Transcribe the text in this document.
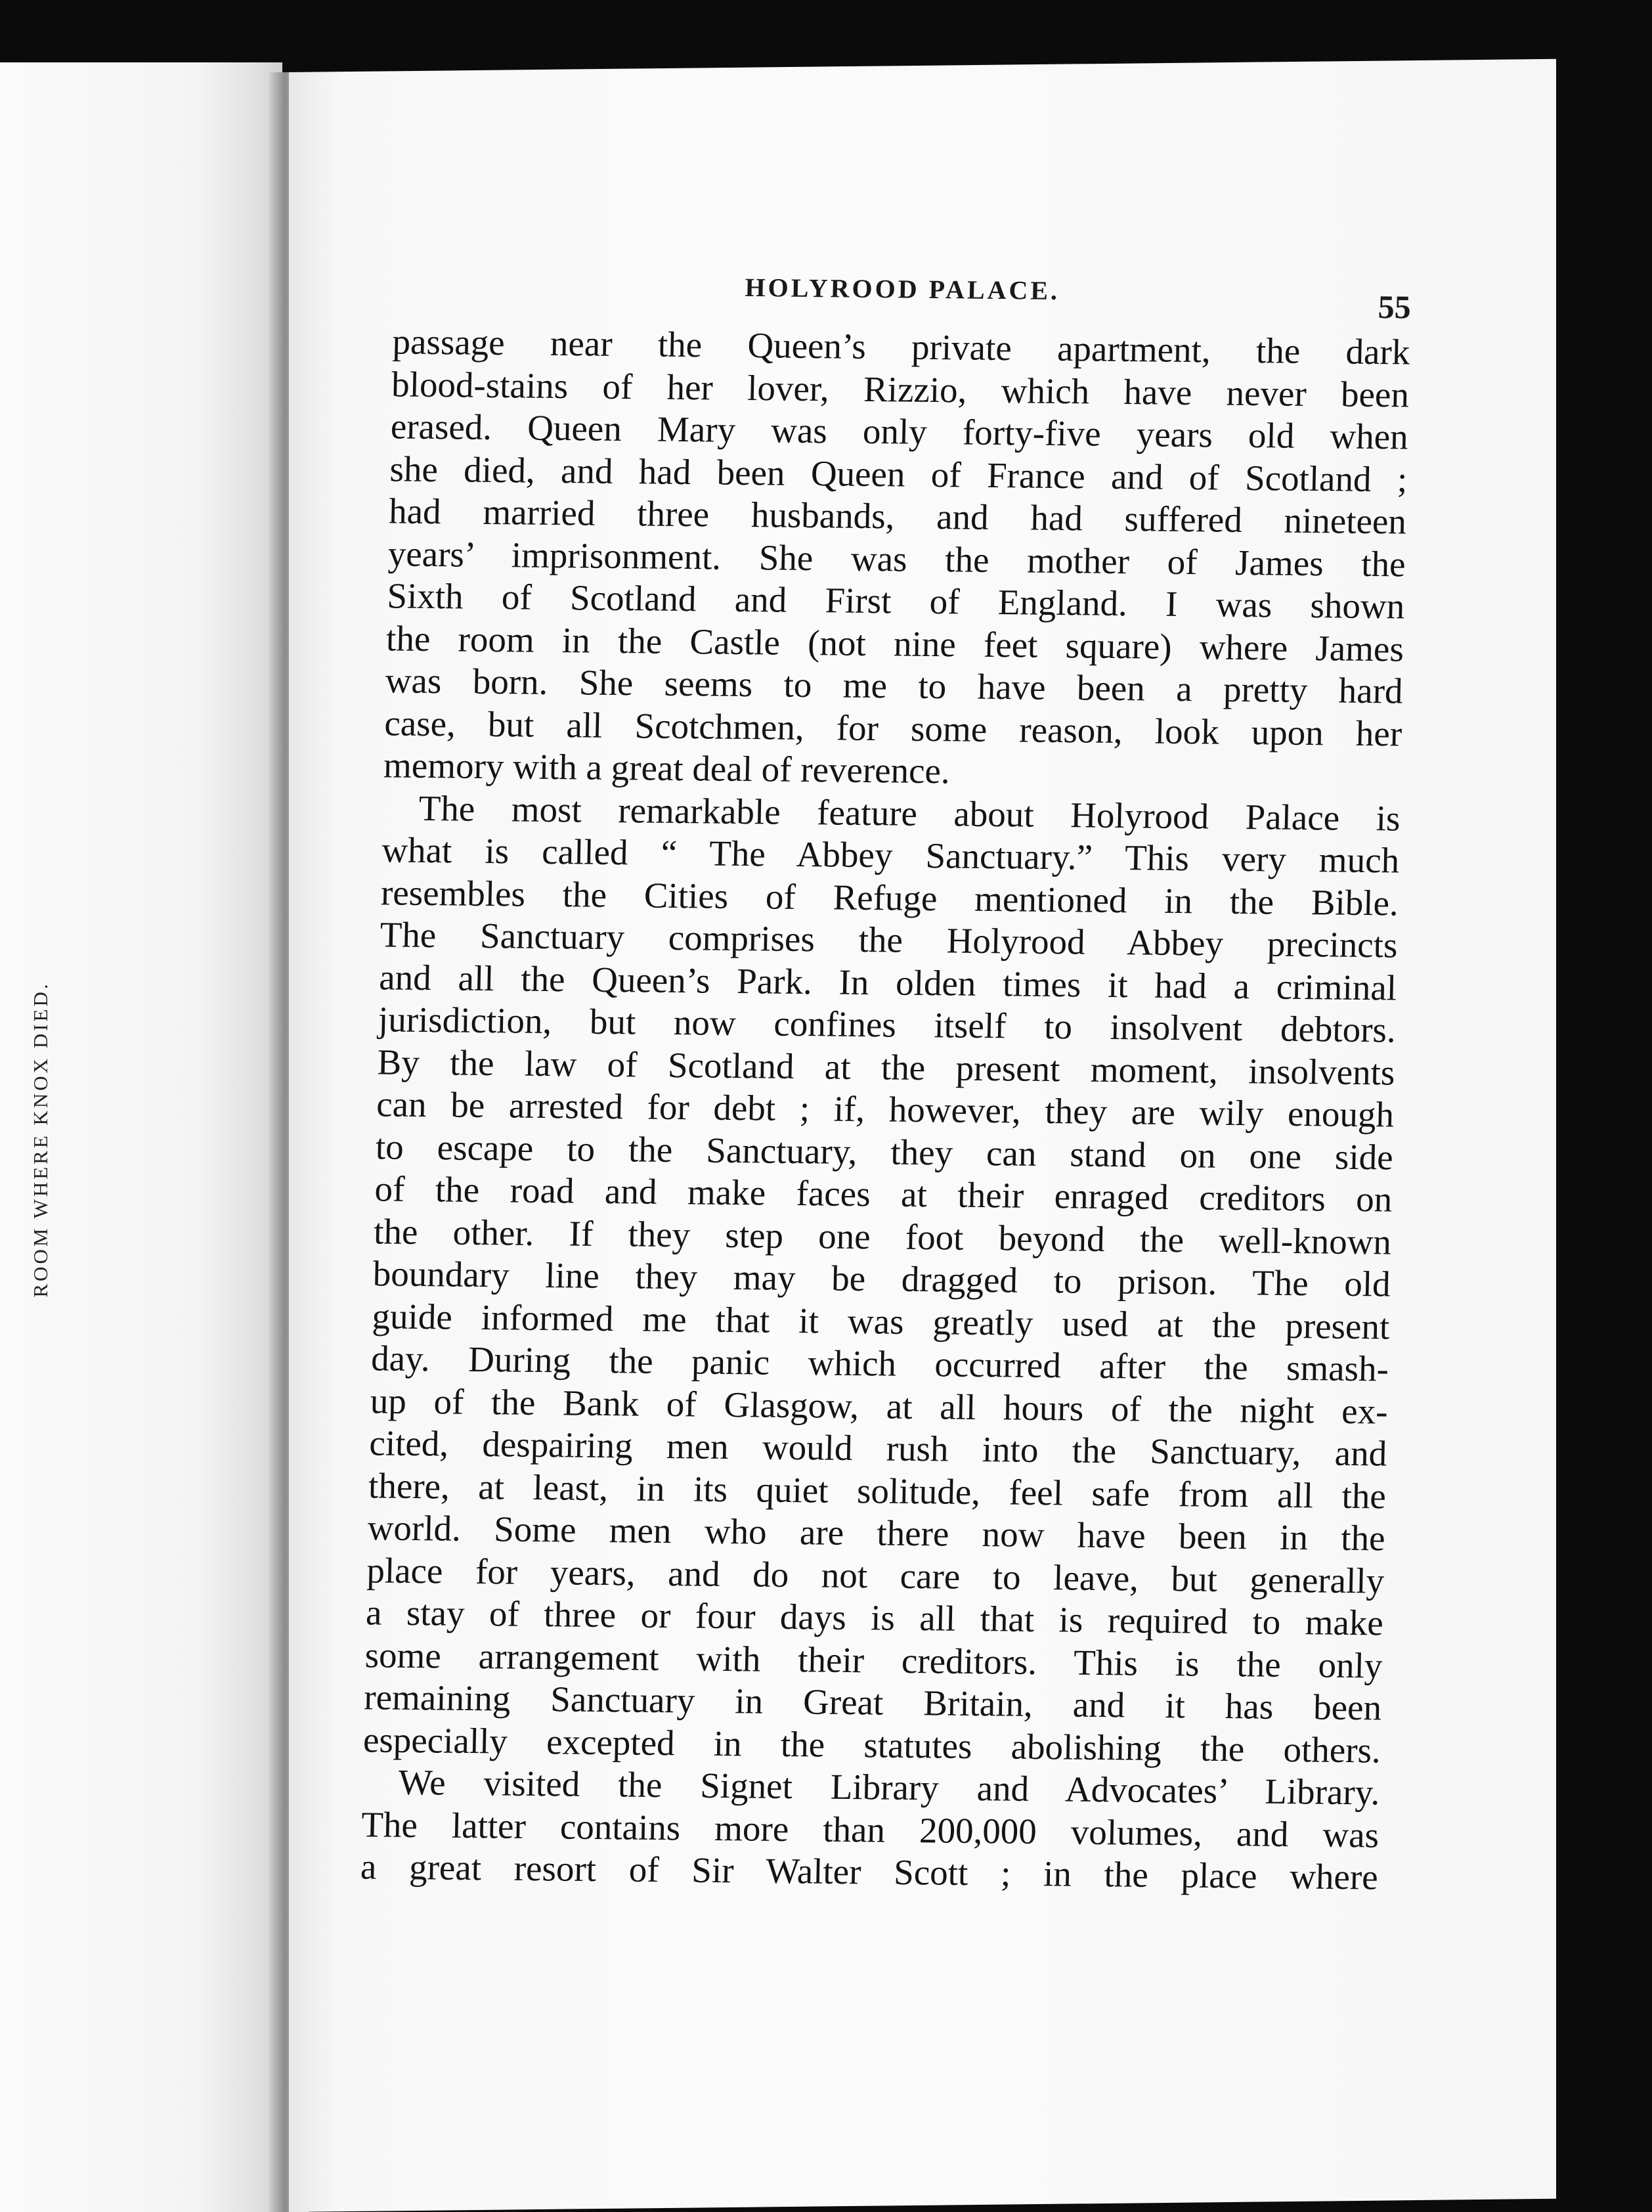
ROOM WHERE KNOX DIED.
HOLYROOD PALACE.	55
passage near the Queen’s private apartment, the dark
blood-stains of her lover, Rizzio, which have never been
erased. Queen Mary was only forty-five years old when
she died, and had been Queen of France and of Scotland ;
had married three husbands, and had suffered nineteen
years’ imprisonment. She was the mother of James the
Sixth of Scotland and First of England. I was shown
the room in the Castle (not nine feet square) where James
was born. She seems to me to have been a pretty hard
case, but all Scotchmen, for some reason, look upon her
memory with a great deal of reverence.
The most remarkable feature about Holyrood Palace is
what is called “ The Abbey Sanctuary.” This very much
resembles the Cities of Refuge mentioned in the Bible.
The Sanctuary comprises the Holyrood Abbey precincts
and all the Queen’s Park. In olden times it had a criminal
jurisdiction, but now confines itself to insolvent debtors.
By the law of Scotland at the present moment, insolvents
can be arrested for debt ; if, however, they are wily enough
to escape to the Sanctuary, they can stand on one side
of the road and make faces at their enraged creditors on
the other. If they step one foot beyond the well-known
boundary line they may be dragged to prison. The old
guide informed me that it was greatly used at the present
day. During the panic which occurred after the smash-
up of the Bank of Glasgow, at all hours of the night ex-
cited, despairing men would rush into the Sanctuary, and
there, at least, in its quiet solitude, feel safe from all the
world. Some men who are there now have been in the
place for years, and do not care to leave, but generally
a stay of three or four days is all that is required to make
some arrangement with their creditors. This is the only
remaining Sanctuary in Great Britain, and it has been
especially excepted in the statutes abolishing the others.
We visited the Signet Library and Advocates’ Library.
The latter contains more than 200,000 volumes, and was
a great resort of Sir Walter Scott ; in the place where
